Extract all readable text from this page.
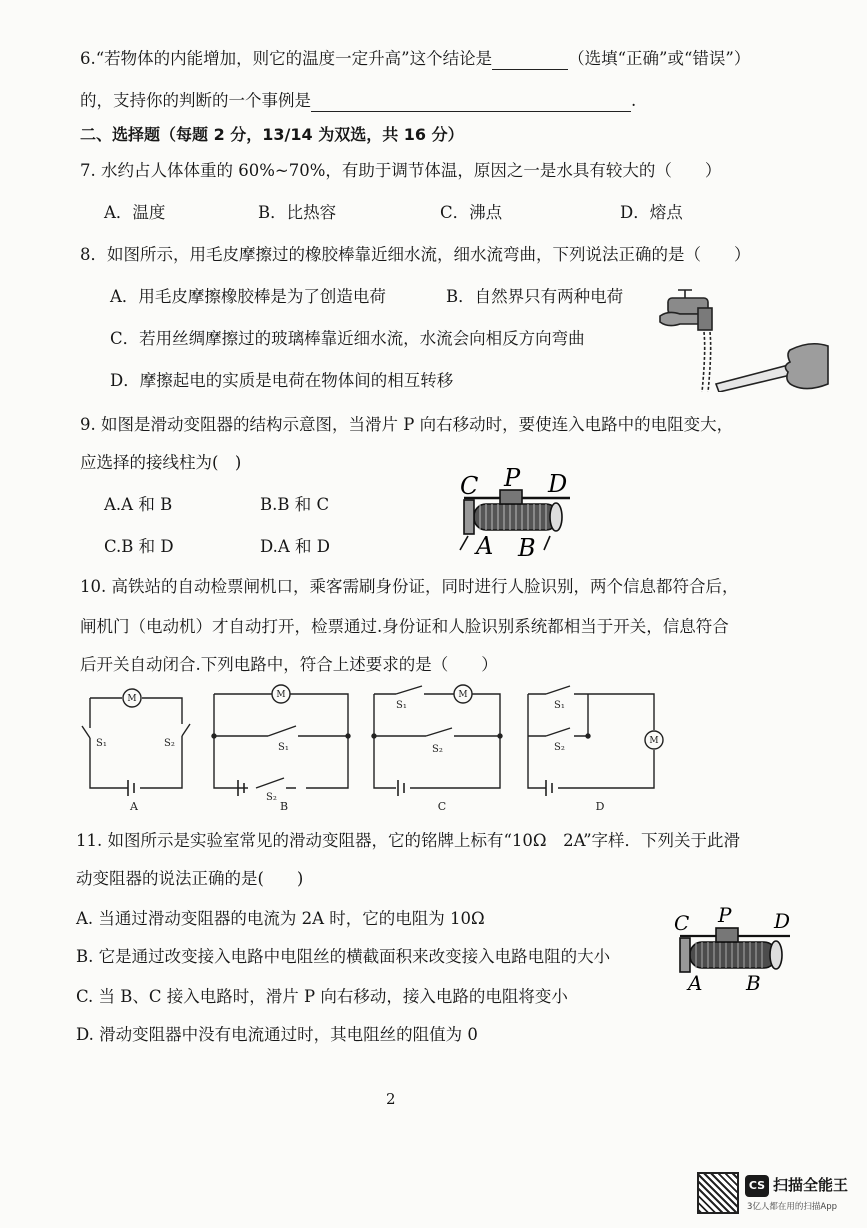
6.“若物体的内能增加，则它的温度一定升高”这个结论是	（选填“正确”或“错误”）
的，支持你的判断的一个事例是	.
二、选择题（每题 2 分，13/14 为双选，共 16 分）
7. 水约占人体体重的 60%~70%，有助于调节体温，原因之一是水具有较大的（　　）
A．温度	B．比热容	C．沸点	D．熔点
8．如图所示，用毛皮摩擦过的橡胶棒靠近细水流，细水流弯曲，下列说法正确的是（　　）
A．用毛皮摩擦橡胶棒是为了创造电荷	B．自然界只有两种电荷
C．若用丝绸摩擦过的玻璃棒靠近细水流，水流会向相反方向弯曲
D．摩擦起电的实质是电荷在物体间的相互转移
9. 如图是滑动变阻器的结构示意图，当滑片 P 向右移动时，要使连入电路中的电阻变大，
应选择的接线柱为(　)
A.A 和 B	B.B 和 C
C.B 和 D	D.A 和 D
C P D
A B
10. 高铁站的自动检票闸机口，乘客需刷身份证，同时进行人脸识别，两个信息都符合后，
闸机门（电动机）才自动打开，检票通过.身份证和人脸识别系统都相当于开关，信息符合
后开关自动闭合.下列电路中，符合上述要求的是（　　）
M	M	M
M
S₁	S₂	S₁
S₂
S₁
S₂
S₁
S₂
A	B	C	D
11. 如图所示是实验室常见的滑动变阻器，它的铭牌上标有“10Ω　2A”字样．下列关于此滑
动变阻器的说法正确的是(　　)
A. 当通过滑动变阻器的电流为 2A 时，它的电阻为 10Ω
B. 它是通过改变接入电路中电阻丝的横截面积来改变接入电路电阻的大小
C. 当 B、C 接入电路时，滑片 P 向右移动，接入电路的电阻将变小
D. 滑动变阻器中没有电流通过时，其电阻丝的阻值为 0
C P D
A B
2
CS 扫描全能王
3亿人都在用的扫描App
